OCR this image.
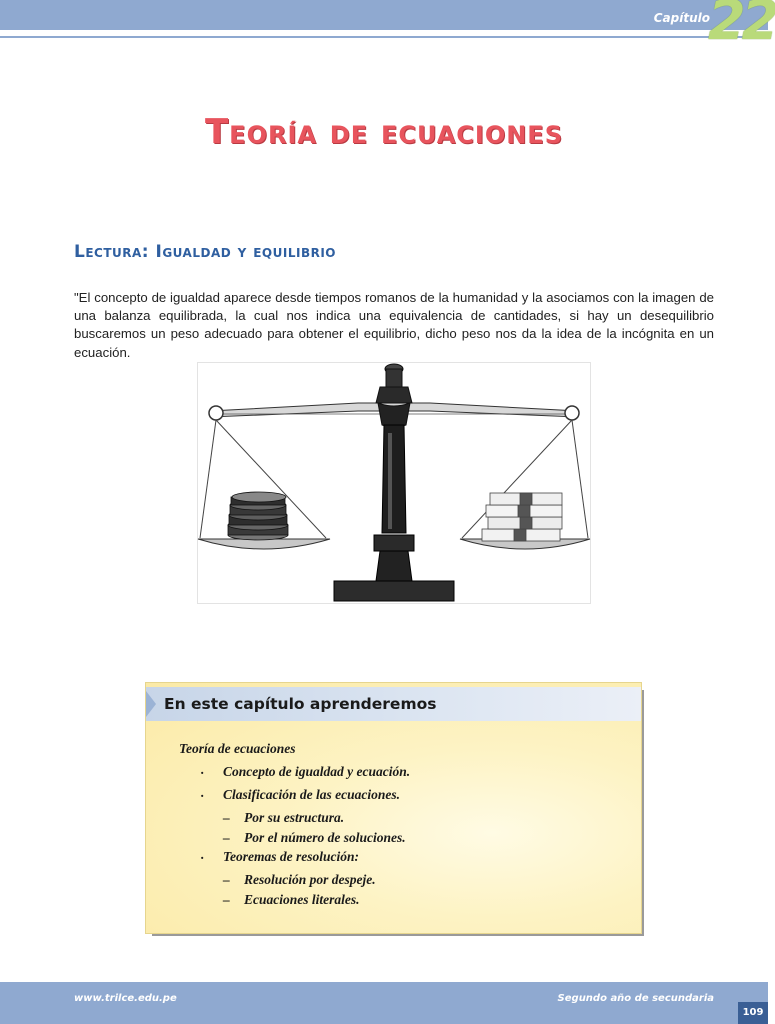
Capítulo
22
Teoría de ecuaciones
Lectura: Igualdad y equilibrio

"El concepto de igualdad aparece desde tiempos romanos de la humanidad y la asociamos con la imagen de una balanza equilibrada, la cual nos indica una equivalencia de cantidades, si hay un desequilibrio buscaremos un peso adecuado para obtener el equilibrio, dicho peso nos da la idea de la incógnita en un ecuación.

En este capítulo aprenderemos
Teoría de ecuaciones
. Concepto de igualdad y ecuación.
. Clasificación de las ecuaciones.
– Por su estructura.
– Por el número de soluciones.
. Teoremas de resolución:
– Resolución por despeje.
– Ecuaciones literales.
www.trilce.edu.pe	Segundo año de secundaria
109
